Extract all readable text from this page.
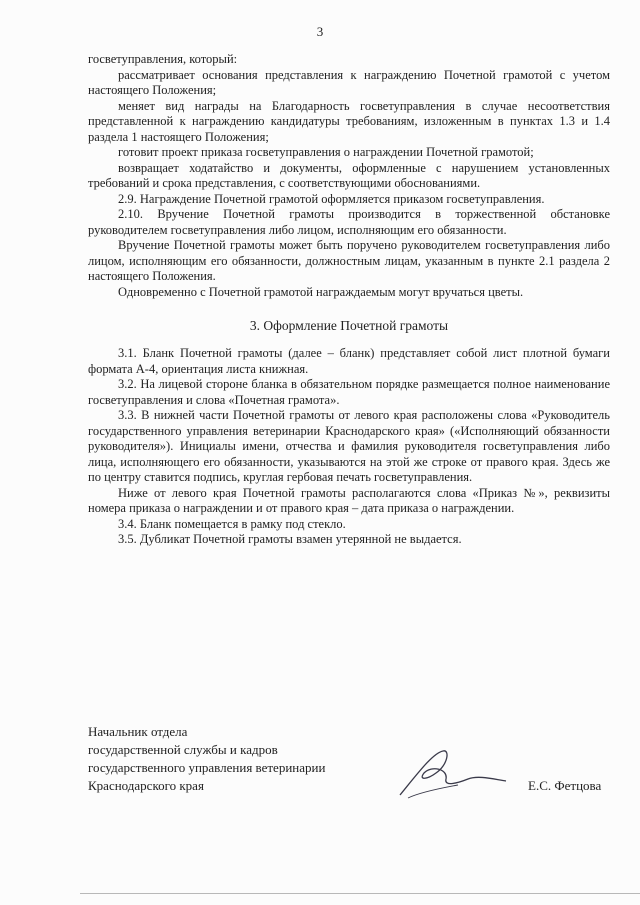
3

госветуправления, который:

рассматривает основания представления к награждению Почетной грамотой с учетом настоящего Положения;

меняет вид награды на Благодарность госветуправления в случае несоответствия представленной к награждению кандидатуры требованиям, изложенным в пунктах 1.3 и 1.4 раздела 1 настоящего Положения;

готовит проект приказа госветуправления о награждении Почетной грамотой;

возвращает ходатайство и документы, оформленные с нарушением установленных требований и срока представления, с соответствующими обоснованиями.

2.9. Награждение Почетной грамотой оформляется приказом госветуправления.

2.10. Вручение Почетной грамоты производится в торжественной обстановке руководителем госветуправления либо лицом, исполняющим его обязанности.

Вручение Почетной грамоты может быть поручено руководителем госветуправления либо лицом, исполняющим его обязанности, должностным лицам, указанным в пункте 2.1 раздела 2 настоящего Положения.

Одновременно с Почетной грамотой награждаемым могут вручаться цветы.

3. Оформление Почетной грамоты

3.1. Бланк Почетной грамоты (далее – бланк) представляет собой лист плотной бумаги формата А-4, ориентация листа книжная.

3.2. На лицевой стороне бланка в обязательном порядке размещается полное наименование госветуправления и слова «Почетная грамота».

3.3. В нижней части Почетной грамоты от левого края расположены слова «Руководитель государственного управления ветеринарии Краснодарского края» («Исполняющий обязанности руководителя»). Инициалы имени, отчества и фамилия руководителя госветуправления либо лица, исполняющего его обязанности, указываются на этой же строке от правого края. Здесь же по центру ставится подпись, круглая гербовая печать госветуправления.

Ниже от левого края Почетной грамоты располагаются слова «Приказ №», реквизиты номера приказа о награждении и от правого края – дата приказа о награждении.

3.4. Бланк помещается в рамку под стекло.

3.5. Дубликат Почетной грамоты взамен утерянной не выдается.

Начальник отдела

государственной службы и кадров

государственного управления ветеринарии

Краснодарского края	Е.С. Фетцова
